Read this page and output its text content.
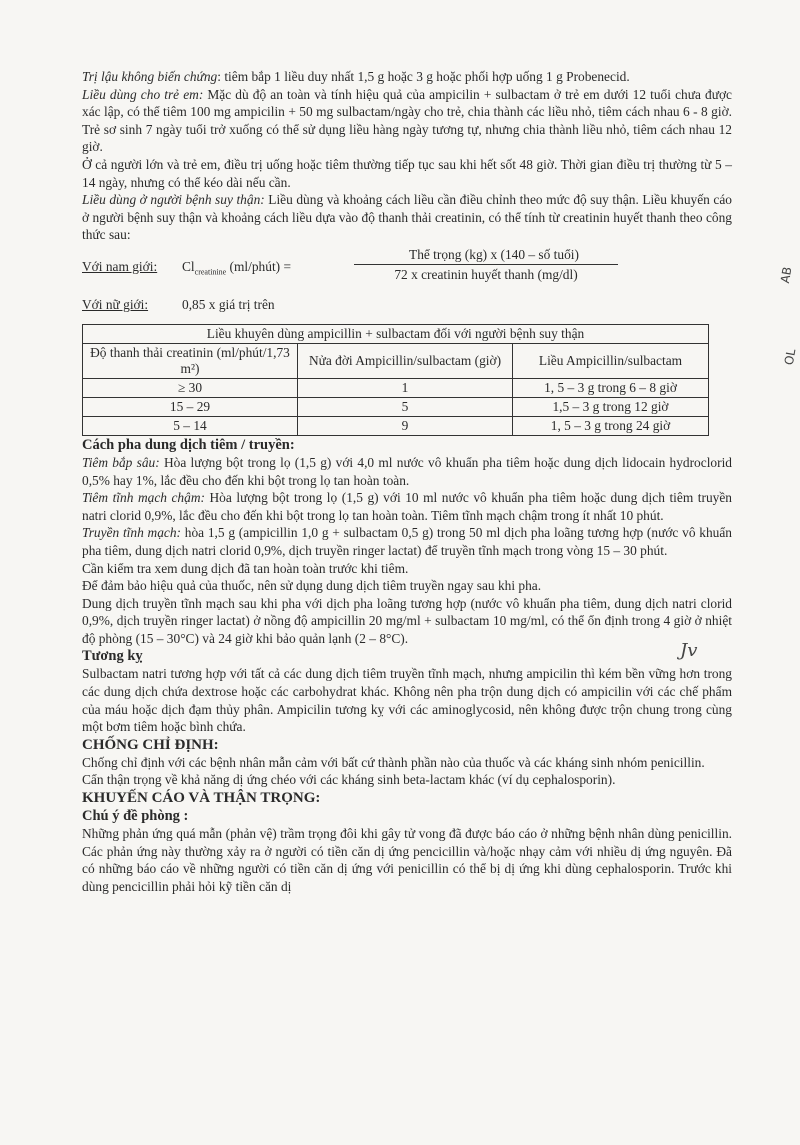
Trị lậu không biến chứng: tiêm bắp 1 liều duy nhất 1,5 g hoặc 3 g hoặc phối hợp uống 1 g Probenecid.

Liều dùng cho trẻ em: Mặc dù độ an toàn và tính hiệu quả của ampicilin + sulbactam ở trẻ em dưới 12 tuổi chưa được xác lập, có thể tiêm 100 mg ampicilin + 50 mg sulbactam/ngày cho trẻ, chia thành các liều nhỏ, tiêm cách nhau 6 - 8 giờ. Trẻ sơ sinh 7 ngày tuổi trở xuống có thể sử dụng liều hàng ngày tương tự, nhưng chia thành liều nhỏ, tiêm cách nhau 12 giờ.

Ở cả người lớn và trẻ em, điều trị uống hoặc tiêm thường tiếp tục sau khi hết sốt 48 giờ. Thời gian điều trị thường từ 5 –14 ngày, nhưng có thể kéo dài nếu cần.

Liều dùng ở người bệnh suy thận: Liều dùng và khoảng cách liều cần điều chỉnh theo mức độ suy thận. Liều khuyến cáo ở người bệnh suy thận và khoảng cách liều dựa vào độ thanh thải creatinin, có thể tính từ creatinin huyết thanh theo công thức sau:

Với nam giới: $Cl_{creatinine}$ (ml/phút) =
Thể trọng (kg) x (140 – số tuổi)
72 x creatinin huyết thanh (mg/dl)
Với nữ giới:	0,85 x giá trị trên
Liều khuyên dùng ampicillin + sulbactam đối với người bệnh suy thận		
Độ thanh thải creatinin (ml/phút/1,73 m²)	Nửa đời Ampicillin/sulbactam (giờ)	Liều Ampicillin/sulbactam
≥ 30	1	1, 5 – 3 g trong 6 – 8 giờ
15 – 29	5	1,5 – 3 g trong 12 giờ
5 – 14	9	1, 5 – 3 g trong 24 giờ

Cách pha dung dịch tiêm / truyền:

Tiêm bắp sâu: Hòa lượng bột trong lọ (1,5 g) với 4,0 ml nước vô khuẩn pha tiêm hoặc dung dịch lidocain hydroclorid 0,5% hay 1%, lắc đều cho đến khi bột trong lọ tan hoàn toàn.

Tiêm tĩnh mạch chậm: Hòa lượng bột trong lọ (1,5 g) với 10 ml nước vô khuẩn pha tiêm hoặc dung dịch tiêm truyền natri clorid 0,9%, lắc đều cho đến khi bột trong lọ tan hoàn toàn. Tiêm tĩnh mạch chậm trong ít nhất 10 phút.

Truyền tĩnh mạch: hòa 1,5 g (ampicillin 1,0 g + sulbactam 0,5 g) trong 50 ml dịch pha loãng tương hợp (nước vô khuẩn pha tiêm, dung dịch natri clorid 0,9%, dịch truyền ringer lactat) để truyền tĩnh mạch trong vòng 15 – 30 phút.

Cần kiểm tra xem dung dịch đã tan hoàn toàn trước khi tiêm.

Để đảm bảo hiệu quả của thuốc, nên sử dụng dung dịch tiêm truyền ngay sau khi pha.

Dung dịch truyền tĩnh mạch sau khi pha với dịch pha loãng tương hợp (nước vô khuẩn pha tiêm, dung dịch natri clorid 0,9%, dịch truyền ringer lactat) ở nồng độ ampicillin 20 mg/ml + sulbactam 10 mg/ml, có thể ổn định trong 4 giờ ở nhiệt độ phòng (15 – 30°C) và 24 giờ khi bảo quản lạnh (2 – 8°C).

Tương kỵ

Sulbactam natri tương hợp với tất cả các dung dịch tiêm truyền tĩnh mạch, nhưng ampicilin thì kém bền vững hơn trong các dung dịch chứa dextrose hoặc các carbohydrat khác. Không nên pha trộn dung dịch có ampicilin với các chế phẩm của máu hoặc dịch đạm thủy phân. Ampicilin tương kỵ với các aminoglycosid, nên không được trộn chung trong cùng một bơm tiêm hoặc bình chứa.

CHỐNG CHỈ ĐỊNH:

Chống chỉ định với các bệnh nhân mẫn cảm với bất cứ thành phần nào của thuốc và các kháng sinh nhóm penicillin.

Cẩn thận trọng về khả năng dị ứng chéo với các kháng sinh beta-lactam khác (ví dụ cephalosporin).

KHUYẾN CÁO VÀ THẬN TRỌNG:

Chú ý đề phòng :

Những phản ứng quá mẫn (phản vệ) trầm trọng đôi khi gây tử vong đã được báo cáo ở những bệnh nhân dùng penicillin. Các phản ứng này thường xảy ra ở người có tiền căn dị ứng pencicillin và/hoặc nhạy cảm với nhiều dị ứng nguyên. Đã có những báo cáo về những người có tiền căn dị ứng với penicillin có thể bị dị ứng khi dùng cephalosporin. Trước khi dùng pencicillin phải hỏi kỹ tiền căn dị

AB
OL
Jv
